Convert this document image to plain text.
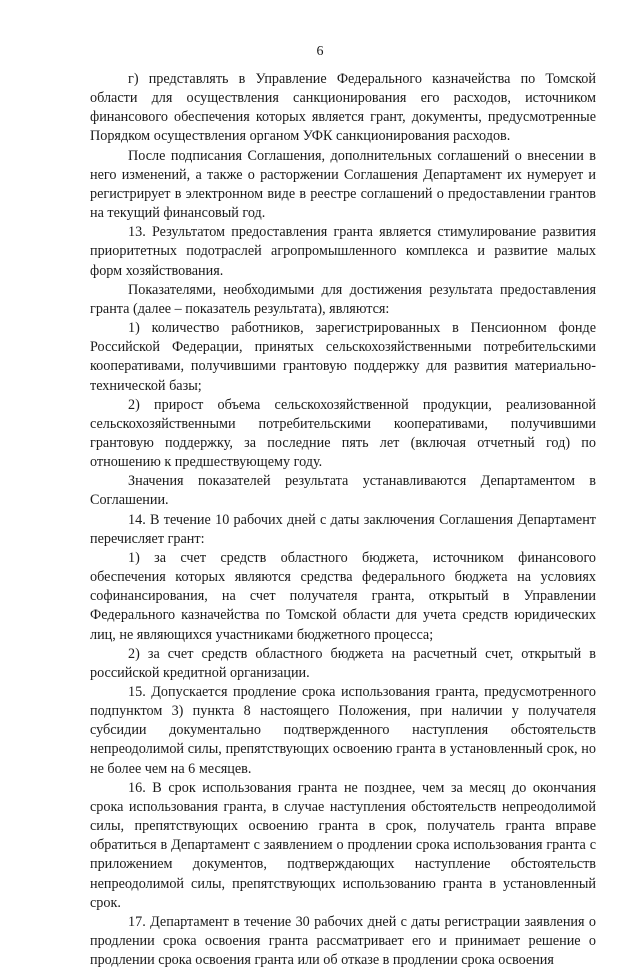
6

г) представлять в Управление Федерального казначейства по Томской области для осуществления санкционирования его расходов, источником финансового обеспечения которых является грант, документы, предусмотренные Порядком осуществления органом УФК санкционирования расходов.

После подписания Соглашения, дополнительных соглашений о внесении в него изменений, а также о расторжении Соглашения Департамент их нумерует и регистрирует в электронном виде в реестре соглашений о предоставлении грантов на текущий финансовый год.

13. Результатом предоставления гранта является стимулирование развития приоритетных подотраслей агропромышленного комплекса и развитие малых форм хозяйствования.

Показателями, необходимыми для достижения результата предоставления гранта (далее – показатель результата), являются:

1) количество работников, зарегистрированных в Пенсионном фонде Российской Федерации, принятых сельскохозяйственными потребительскими кооперативами, получившими грантовую поддержку для развития материально-технической базы;

2) прирост объема сельскохозяйственной продукции, реализованной сельскохозяйственными потребительскими кооперативами, получившими грантовую поддержку, за последние пять лет (включая отчетный год) по отношению к предшествующему году.

Значения показателей результата устанавливаются Департаментом в Соглашении.

14. В течение 10 рабочих дней с даты заключения Соглашения Департамент перечисляет грант:

1) за счет средств областного бюджета, источником финансового обеспечения которых являются средства федерального бюджета на условиях софинансирования, на счет получателя гранта, открытый в Управлении Федерального казначейства по Томской области для учета средств юридических лиц, не являющихся участниками бюджетного процесса;

2) за счет средств областного бюджета на расчетный счет, открытый в российской кредитной организации.

15. Допускается продление срока использования гранта, предусмотренного подпунктом 3) пункта 8 настоящего Положения, при наличии у получателя субсидии документально подтвержденного наступления обстоятельств непреодолимой силы, препятствующих освоению гранта в установленный срок, но не более чем на 6 месяцев.

16. В срок использования гранта не позднее, чем за месяц до окончания срока использования гранта, в случае наступления обстоятельств непреодолимой силы, препятствующих освоению гранта в срок, получатель гранта вправе обратиться в Департамент с заявлением о продлении срока использования гранта с приложением документов, подтверждающих наступление обстоятельств непреодолимой силы, препятствующих использованию гранта в установленный срок.

17. Департамент в течение 30 рабочих дней с даты регистрации заявления о продлении срока освоения гранта рассматривает его и принимает решение о продлении срока освоения гранта или об отказе в продлении срока освоения
